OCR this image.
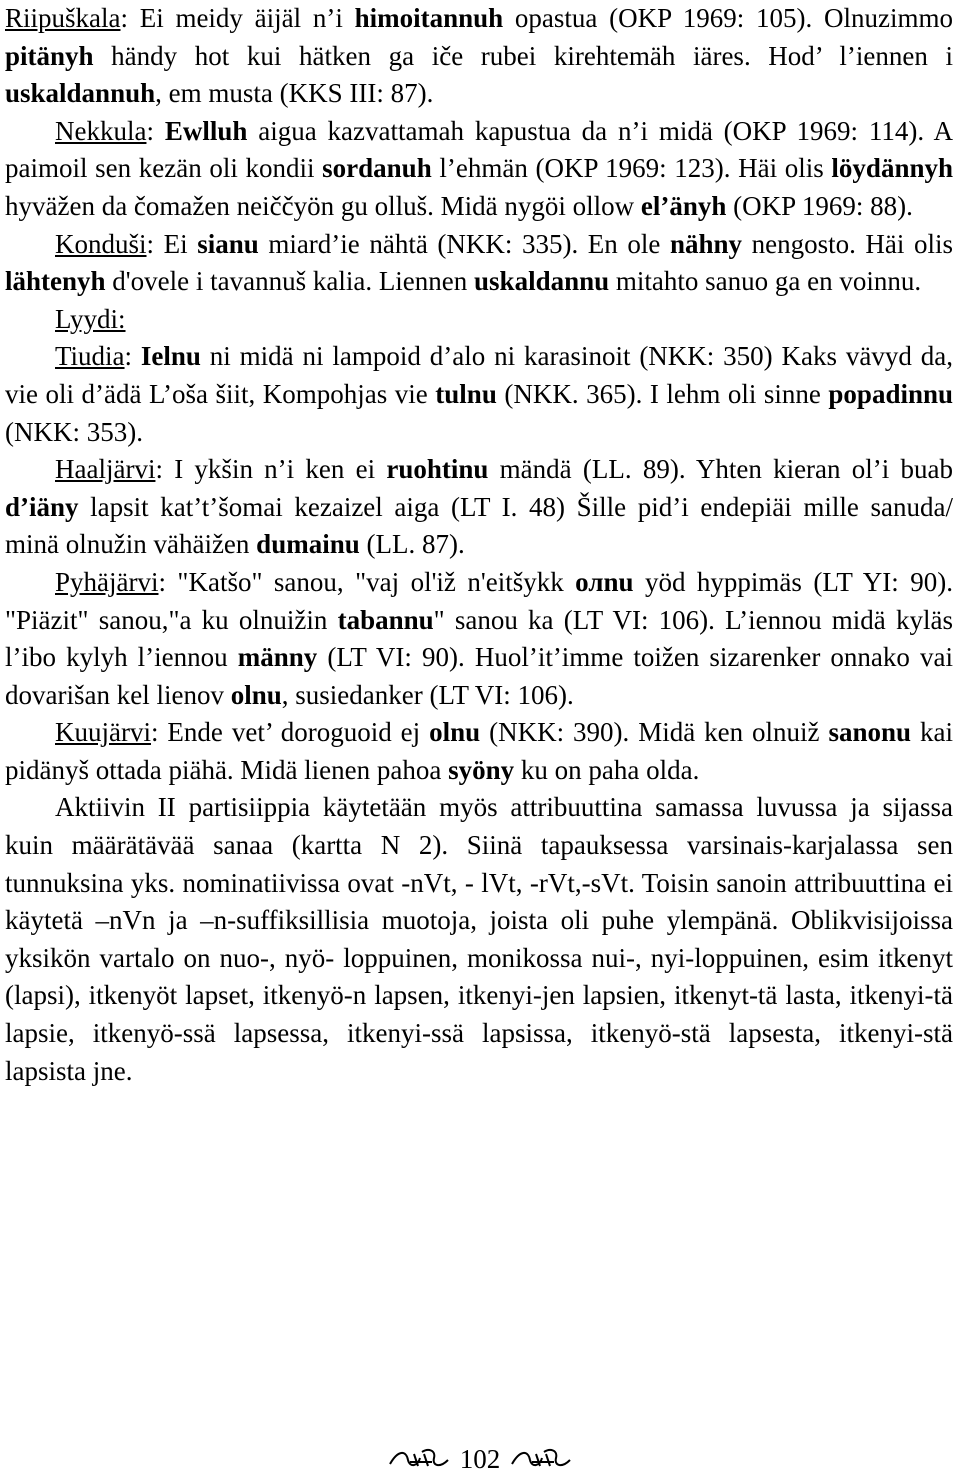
Riipuškala: Ei meidy äijäl n’i himoitannuh opastua (OKP 1969: 105). Olnuzimmo pitänyh händy hot kui hätken ga iče rubei kirehtemäh iäres. Hod’ l’iennen i uskaldannuh, em musta (KKS III: 87).

Nekkula: Ewlluh aigua kazvattamah kapustua da n’i midä (OKP 1969: 114). A paimoil sen kezän oli kondii sordanuh l’ehmän (OKP 1969: 123). Häi olis löydännyh hyväžen da čomažen neiččyön gu olluš. Midä nygöi ollow el’änyh (OKP 1969: 88).

Konduši: Ei sianu miard’ie nähtä (NKK: 335). En ole nähny nengosto. Häi olis lähtenyh d'ovele i tavannuš kalia. Liennen uskaldannu mitahto sanuo ga en voinnu.

Lyydi:

Tiudia: Ielnu ni midä ni lampoid d’alo ni karasinoit (NKK: 350) Kaks vävyd da, vie oli d’ädä L’oša šiit, Kompohjas vie tulnu (NKK. 365). I lehm oli sinne popadinnu (NKK: 353).

Haaljärvi: I ykšin n’i ken ei ruohtinu mändä (LL. 89). Yhten kieran ol’i buab d’iäny lapsit kat’t’šomai kezaizel aiga (LT I. 48) Šille pid’i endepiäi mille sanuda/ minä olnužin vähäižen dumainu (LL. 87).

Pyhäjärvi: "Katšo" sanou, "vaj ol'iž n'eitšykk олnu yöd hyppimäs (LT YI: 90). "Piäzit" sanou,"a ku olnuižin tabannu" sanou ka (LT VI: 106). L’iennou midä kyläs l’ibo kylyh l’iennou männy (LT VI: 90). Huol’it’imme toižen sizarenker onnako vai dovarišan kel lienov olnu, susiedanker (LT VI: 106).

Kuujärvi: Ende vet’ doroguoid ej olnu (NKK: 390). Midä ken olnuiž sanonu kai pidänyš ottada piähä. Midä lienen pahoa syöny ku on paha olda.

Aktiivin II partisiippia käytetään myös attribuuttina samassa luvussa ja sijassa kuin määrätävää sanaa (kartta N 2). Siinä tapauksessa varsinais-karjalassa sen tunnuksina yks. nominatiivissa ovat -nVt, - lVt, -rVt,-sVt. Toisin sanoin attribuuttina ei käytetä –nVn ja –n-suffiksillisia muotoja, joista oli puhe ylempänä. Oblikvisijoissa yksikön vartalo on nuo-, nyö- loppuinen, monikossa nui-, nyi-loppuinen, esim itkenyt (lapsi), itkenyöt lapset, itkenyö-n lapsen, itkenyi-jen lapsien, itkenyt-tä lasta, itkenyi-tä lapsie, itkenyö-ssä lapsessa, itkenyi-ssä lapsissa, itkenyö-stä lapsesta, itkenyi-stä lapsista jne.

102
